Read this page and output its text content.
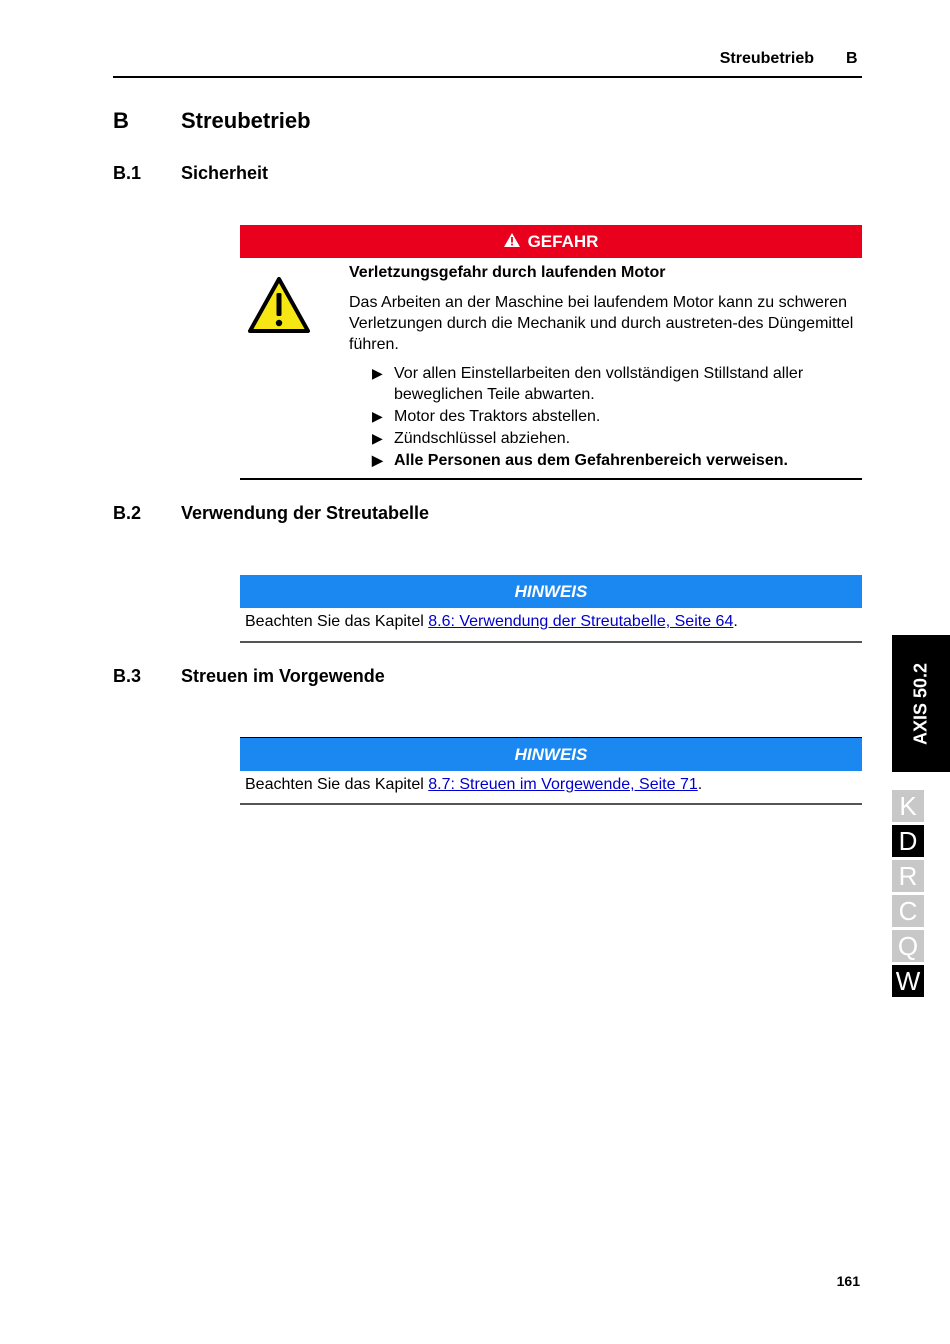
Streubetrieb B
B Streubetrieb
B.1 Sicherheit
GEFAHR
Verletzungsgefahr durch laufenden Motor
Das Arbeiten an der Maschine bei laufendem Motor kann zu schweren Verletzungen durch die Mechanik und durch austreten-des Düngemittel führen.
▶ Vor allen Einstellarbeiten den vollständigen Stillstand aller beweglichen Teile abwarten.
▶ Motor des Traktors abstellen.
▶ Zündschlüssel abziehen.
▶ Alle Personen aus dem Gefahrenbereich verweisen.
B.2 Verwendung der Streutabelle
HINWEIS
Beachten Sie das Kapitel 8.6: Verwendung der Streutabelle, Seite 64.
B.3 Streuen im Vorgewende
HINWEIS
Beachten Sie das Kapitel 8.7: Streuen im Vorgewende, Seite 71.
AXIS 50.2
K
D
R
C
Q
W
161
